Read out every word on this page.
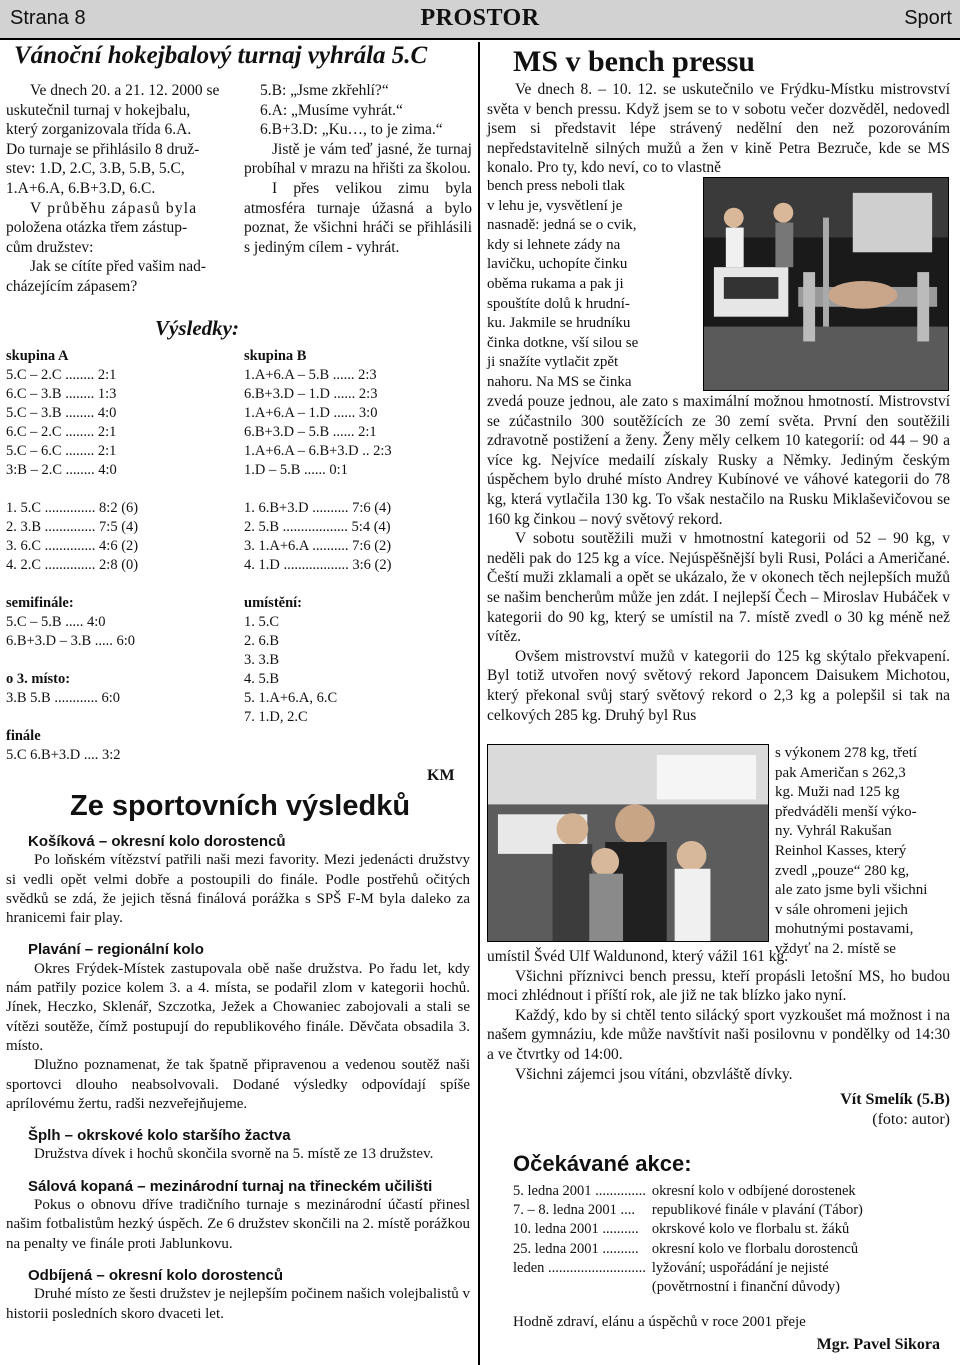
Strana 8	PROSTOR	Sport
Vánoční hokejbalový turnaj vyhrála 5.C
Ve dnech 20. a 21. 12. 2000 se
uskutečnil turnaj v hokejbalu,
který zorganizovala třída 6.A.
Do turnaje se přihlásilo 8 druž-
stev: 1.D, 2.C, 3.B, 5.B, 5.C,
1.A+6.A, 6.B+3.D, 6.C.
V průběhu zápasů byla
položena otázka třem zástup-
cům družstev:
Jak se cítíte před vašim nad-
cházejícím zápasem?
5.B: „Jsme zkřehlí?“
6.A: „Musíme vyhrát.“
6.B+3.D: „Ku…, to je zima.“
Jistě je vám teď jasné, že turnaj probíhal v mrazu na hřišti za školou.
I přes velikou zimu byla atmosféra turnaje úžasná a bylo poznat, že všichni hráči se přihlásili s jediným cílem - vyhrát.
Výsledky:
skupina A
5.C – 2.C ........ 2:1
6.C – 3.B ........ 1:3
5.C – 3.B ........ 4:0
6.C – 2.C ........ 2:1
5.C – 6.C ........ 2:1
3:B – 2.C ........ 4:0
1. 5.C .............. 8:2 (6)
2. 3.B .............. 7:5 (4)
3. 6.C .............. 4:6 (2)
4. 2.C .............. 2:8 (0)
semifinále:
5.C – 5.B ..... 4:0
6.B+3.D – 3.B ..... 6:0
o 3. místo:
3.B 5.B ............ 6:0
finále
5.C 6.B+3.D .... 3:2
skupina B
1.A+6.A – 5.B ...... 2:3
6.B+3.D – 1.D ...... 2:3
1.A+6.A – 1.D ...... 3:0
6.B+3.D – 5.B ...... 2:1
1.A+6.A – 6.B+3.D .. 2:3
1.D – 5.B ...... 0:1
1. 6.B+3.D .......... 7:6 (4)
2. 5.B .................. 5:4 (4)
3. 1.A+6.A .......... 7:6 (2)
4. 1.D .................. 3:6 (2)
umístění:
1. 5.C
2. 6.B
3. 3.B
4. 5.B
5. 1.A+6.A, 6.C
7. 1.D, 2.C
KM
Ze sportovních výsledků
Košíková – okresní kolo dorostenců

Po loňském vítězství patřili naši mezi favority. Mezi jedenácti družstvy si vedli opět velmi dobře a postoupili do finále. Podle postřehů očitých svědků se zdá, že jejich těsná finálová porážka s SPŠ F-M byla daleko za hranicemi fair play.

Plavání – regionální kolo

Okres Frýdek-Místek zastupovala obě naše družstva. Po řadu let, kdy nám patřily pozice kolem 3. a 4. místa, se podařil zlom v kategorii hochů. Jínek, Heczko, Sklenář, Szczotka, Ježek a Chowaniec zabojovali a stali se vítězi soutěže, čímž postupují do republikového finále. Děvčata obsadila 3. místo.

Dlužno poznamenat, že tak špatně připravenou a vedenou soutěž naši sportovci dlouho neabsolvovali. Dodané výsledky odpovídají spíše aprílovému žertu, radši nezveřejňujeme.

Šplh – okrskové kolo staršího žactva

Družstva dívek i hochů skončila svorně na 5. místě ze 13 družstev.

Sálová kopaná – mezinárodní turnaj na třineckém učilišti

Pokus o obnovu dříve tradičního turnaje s mezinárodní účastí přinesl našim fotbalistům hezký úspěch. Ze 6 družstev skončili na 2. místě porážkou na penalty ve finále proti Jablunkovu.

Odbíjená – okresní kolo dorostenců

Druhé místo ze šesti družstev je nejlepším počinem našich volejbalistů v historii posledních skoro dvaceti let.

MS v bench pressu

Ve dnech 8. – 10. 12. se uskutečnilo ve Frýdku-Místku mistrovství světa v bench pressu. Když jsem se to v sobotu večer dozvěděl, nedovedl jsem si představit lépe strávený nedělní den než pozorováním nepředstavitelně silných mužů a žen v kině Petra Bezruče, kde se MS konalo. Pro ty, kdo neví, co to vlastně

bench press neboli tlak
v lehu je, vysvětlení je
nasnadě: jedná se o cvik,
kdy si lehnete zády na
lavičku, uchopíte činku
oběma rukama a pak ji
spouštíte dolů k hrudní-
ku. Jakmile se hrudníku
činka dotkne, vší silou se
ji snažíte vytlačit zpět
nahoru. Na MS se činka

zvedá pouze jednou, ale zato s maximální možnou hmotností. Mistrovství se zúčastnilo 300 soutěžících ze 30 zemí světa. První den soutěžili zdravotně postižení a ženy. Ženy měly celkem 10 kategorií: od 44 – 90 a více kg. Nejvíce medailí získaly Rusky a Němky. Jediným českým úspěchem bylo druhé místo Andrey Kubínové ve váhové kategorii do 78 kg, která vytlačila 130 kg. To však nestačilo na Rusku Miklaševičovou se 160 kg činkou – nový světový rekord.

V sobotu soutěžili muži v hmotnostní kategorii od 52 – 90 kg, v neděli pak do 125 kg a více. Nejúspěšnější byli Rusi, Poláci a Američané. Čeští muži zklamali a opět se ukázalo, že v okonech těch nejlepších mužů se našim bencherům může jen zdát. I nejlepší Čech – Miroslav Hubáček v kategorii do 90 kg, který se umístil na 7. místě zvedl o 30 kg méně než vítěz.

Ovšem mistrovství mužů v kategorii do 125 kg skýtalo překvapení. Byl totiž utvořen nový světový rekord Japoncem Daisukem Michotou, který překonal svůj starý světový rekord o 2,3 kg a polepšil si tak na celkových 285 kg. Druhý byl Rus

s výkonem 278 kg, třetí
pak Američan s 262,3
kg. Muži nad 125 kg
předváděli menší výko-
ny. Vyhrál Rakušan
Reinhol Kasses, který
zvedl „pouze“ 280 kg,
ale zato jsme byli všichni
v sále ohromeni jejich
mohutnými postavami,
vždyť na 2. místě se

umístil Švéd Ulf Waldunond, který vážil 161 kg.

Všichni příznivci bench pressu, kteří propásli letošní MS, ho budou moci zhlédnout i příští rok, ale již ne tak blízko jako nyní.

Každý, kdo by si chtěl tento silácký sport vyzkoušet má možnost i na našem gymnáziu, kde může navštívit naši posilovnu v pondělky od 14:30 a ve čtvrtky od 14:00.

Všichni zájemci jsou vítáni, obzvláště dívky.

Vít Smelík (5.B)
(foto: autor)
Očekávané akce:
5. ledna 2001 ..............	okresní kolo v odbíjené dorostenek
7. – 8. ledna 2001 ....	republikové finále v plavání (Tábor)
10. ledna 2001 ..........	okrskové kolo ve florbalu st. žáků
25. ledna 2001 ..........	okresní kolo ve florbalu dorostenců
leden ...........................	lyžování; uspořádání je nejisté
	(povětrnostní i finanční důvody)
Hodně zdraví, elánu a úspěchů v roce 2001 přeje
Mgr. Pavel Sikora
